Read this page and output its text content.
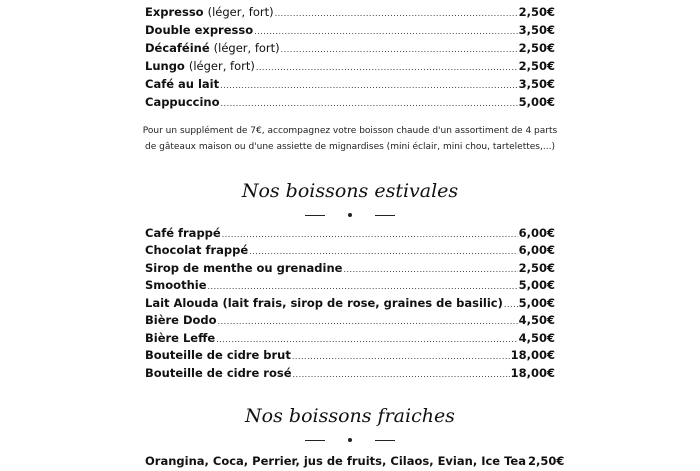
Expresso (léger, fort) .....	2,50€
Double expresso .....	3,50€
Décaféiné (léger, fort) .....	2,50€
Lungo (léger, fort) .....	2,50€
Café au lait .....	3,50€
Cappuccino .....	5,00€
Pour un supplément de 7€, accompagnez votre boisson chaude d'un assortiment de 4 parts
de gâteaux maison ou d'une assiette de mignardises (mini éclair, mini chou, tartelettes,...)
Nos boissons estivales
Café frappé .....	6,00€
Chocolat frappé .....	6,00€
Sirop de menthe ou grenadine .....	2,50€
Smoothie .....	5,00€
Lait Alouda (lait frais, sirop de rose, graines de basilic) ..... 5,00€
Bière Dodo .....	4,50€
Bière Leffe .....	4,50€
Bouteille de cidre brut .....	18,00€
Bouteille de cidre rosé .....	18,00€
Nos boissons fraiches
Orangina, Coca, Perrier, jus de fruits, Cilaos, Evian, Ice Tea 2,50€
